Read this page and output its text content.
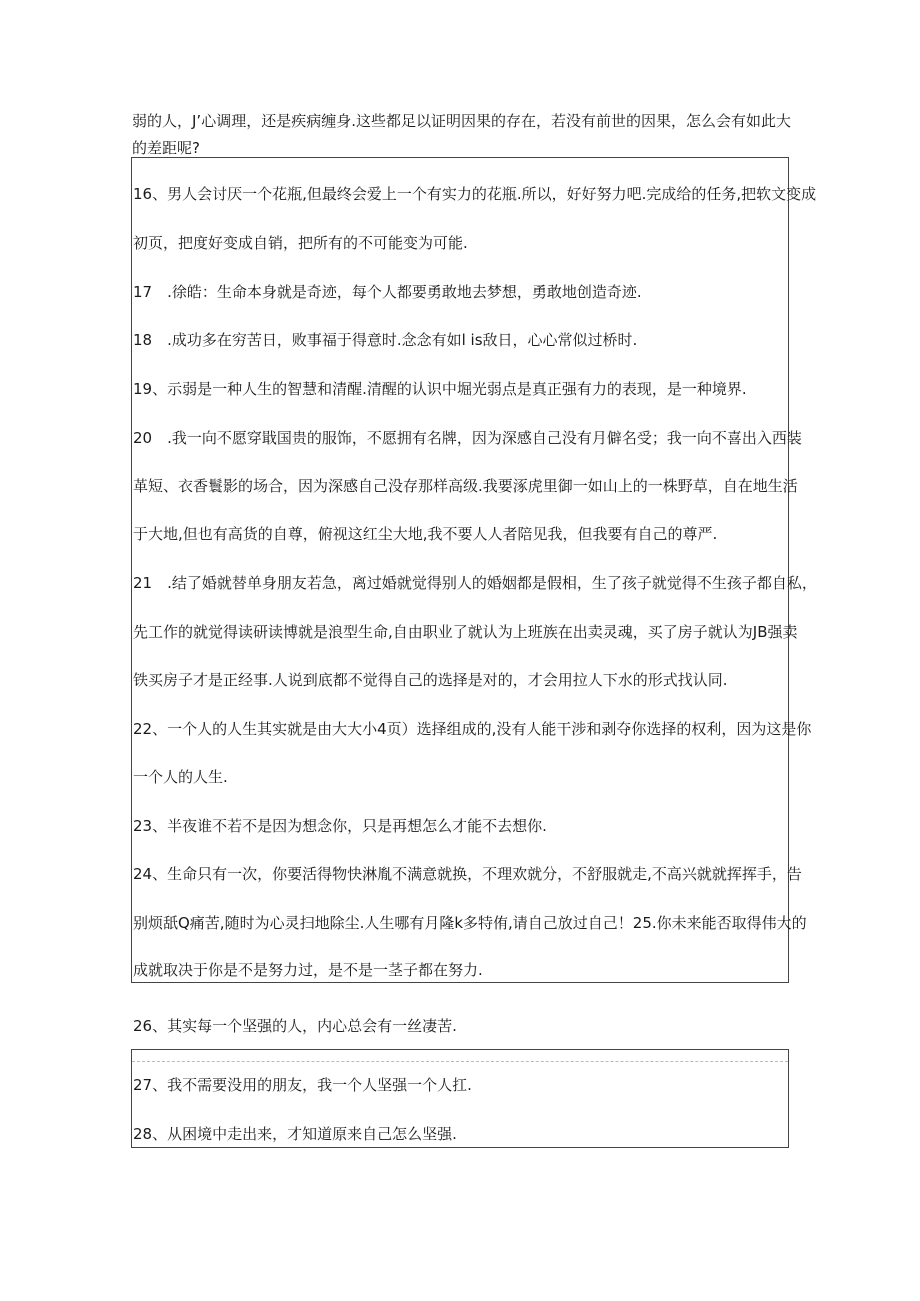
弱的人，J’心调理，还是疾病缠身.这些都足以证明因果的存在，若没有前世的因果，怎么会有如此大
的差距呢?

16、男人会讨厌一个花瓶,但最终会爱上一个有实力的花瓶.所以，好好努力吧.完成给的任务,把软文变成

初页，把度好变成自销，把所有的不可能变为可能.

17　.徐皓：生命本身就是奇迹，每个人都要勇敢地去梦想，勇敢地创造奇迹.

18　.成功多在穷苦日，败事福于得意时.念念有如l is敌日，心心常似过桥时.

19、示弱是一种人生的智慧和清醒.清醒的认识中堀光弱点是真正强有力的表现，是一种境界.

20　.我一向不愿穿戢国贵的服饰，不愿拥有名牌，因为深感自己没有月僻名受；我一向不喜出入西装

革短、衣香鬟影的场合，因为深感自己没存那样高级.我要涿虎里御一如山上的一株野草，自在地生活

于大地,但也有高货的自尊，俯视这红尘大地,我不要人人者陪见我，但我要有自己的尊严.

21　.结了婚就替单身朋友若急，离过婚就觉得别人的婚姻都是假相，生了孩子就觉得不生孩子都自私，

先工作的就觉得读研读博就是浪型生命,自由职业了就认为上班族在出卖灵魂，买了房子就认为JB强卖

铁买房子才是正经事.人说到底都不觉得自己的选择是对的，才会用拉人下水的形式找认同.

22、一个人的人生其实就是由大大小4页）选择组成的,没有人能干涉和剥夺你选择的权利，因为这是你

一个人的人生.

23、半夜谁不若不是因为想念你，只是再想怎么才能不去想你.

24、生命只有一次，你要活得物快淋胤不满意就换，不理欢就分，不舒服就走,不高兴就就挥挥手，告

别烦舐Q痛苦,随时为心灵扫地除尘.人生哪有月隆k多特侑,请自己放过自己！25.你未来能否取得伟大的

成就取决于你是不是努力过，是不是一茎子都在努力.

26、其实每一个坚强的人，内心总会有一丝凄苦.

27、我不需要没用的朋友，我一个人坚强一个人扛.

28、从困境中走出来，才知道原来自己怎么坚强.
